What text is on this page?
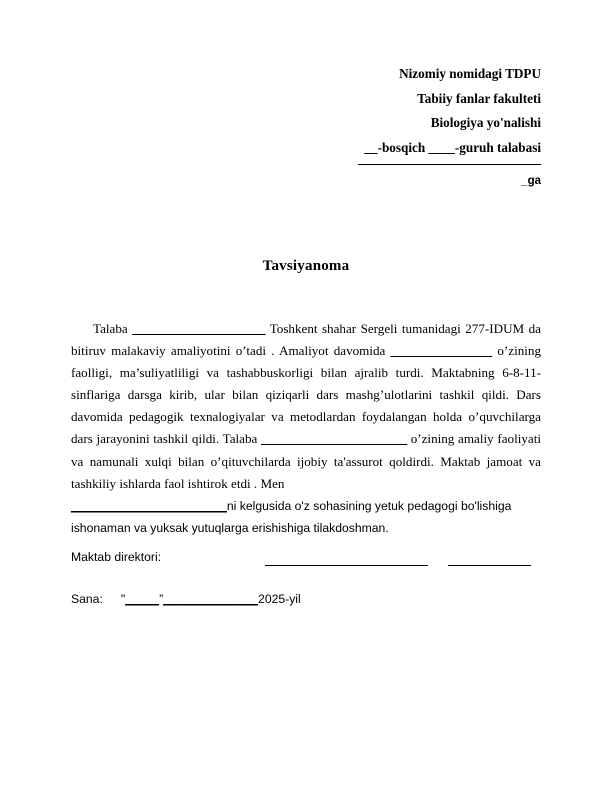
Nizomiy nomidagi TDPU
Tabiiy fanlar fakulteti
Biologiya yo'nalishi
__-bosqich ____-guruh talabasi
_ga
Tavsiyanoma

Talaba _____________________ Toshkent shahar Sergeli tumanidagi 277-IDUM da bitiruv malakaviy amaliyotini o’tadi . Amaliyot davomida ________________ o’zining faolligi, ma’suliyatliligi va tashabbuskorligi bilan ajralib turdi. Maktabning 6-8-11-sinflariga darsga kirib, ular bilan qiziqarli dars mashg’ulotlarini tashkil qildi. Dars davomida pedagogik texnalogiyalar va metodlardan foydalangan holda o’quvchilarga dars jarayonini tashkil qildi. Talaba _______________________ o’zining amaliy faoliyati va namunali xulqi bilan o’qituvchilarda ijobiy ta'assurot qoldirdi. Maktab jamoat va tashkiliy ishlarda faol ishtirok etdi . Men

_______________________ni kelgusida o'z sohasining yetuk pedagogi bo'lishiga ishonaman va yuksak yutuqlarga erishishiga tilakdoshman.

Maktab direktori:
Sana: "_____”______________2025-yil
